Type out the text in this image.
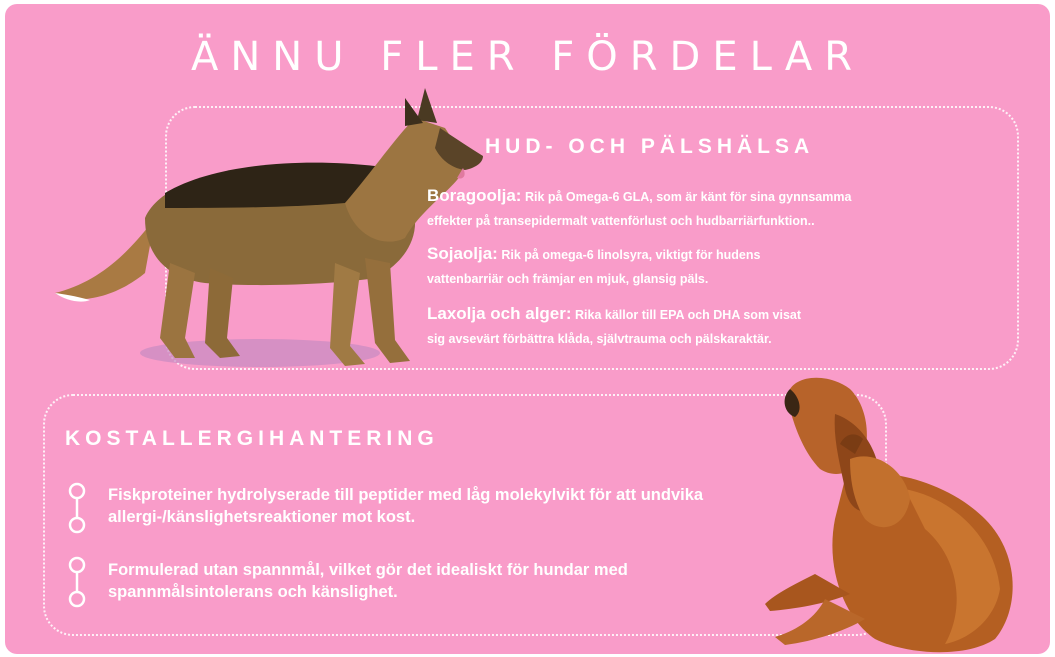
ÄNNU FLER FÖRDELAR
HUD- OCH PÄLSHÄLSA
Boragoolja: Rik på Omega-6 GLA, som är känt för sina gynnsamma
effekter på transepidermalt vattenförlust och hudbarriärfunktion..
Sojaolja: Rik på omega-6 linolsyra, viktigt för hudens
vattenbarriär och främjar en mjuk, glansig päls.
Laxolja och alger: Rika källor till EPA och DHA som visat
sig avsevärt förbättra klåda, självtrauma och pälskaraktär.
KOSTALLERGIHANTERING
Fiskproteiner hydrolyserade till peptider med låg molekylvikt för att undvika
allergi-/känslighetsreaktioner mot kost.
Formulerad utan spannmål, vilket gör det idealiskt för hundar med
spannmålsintolerans och känslighet.
